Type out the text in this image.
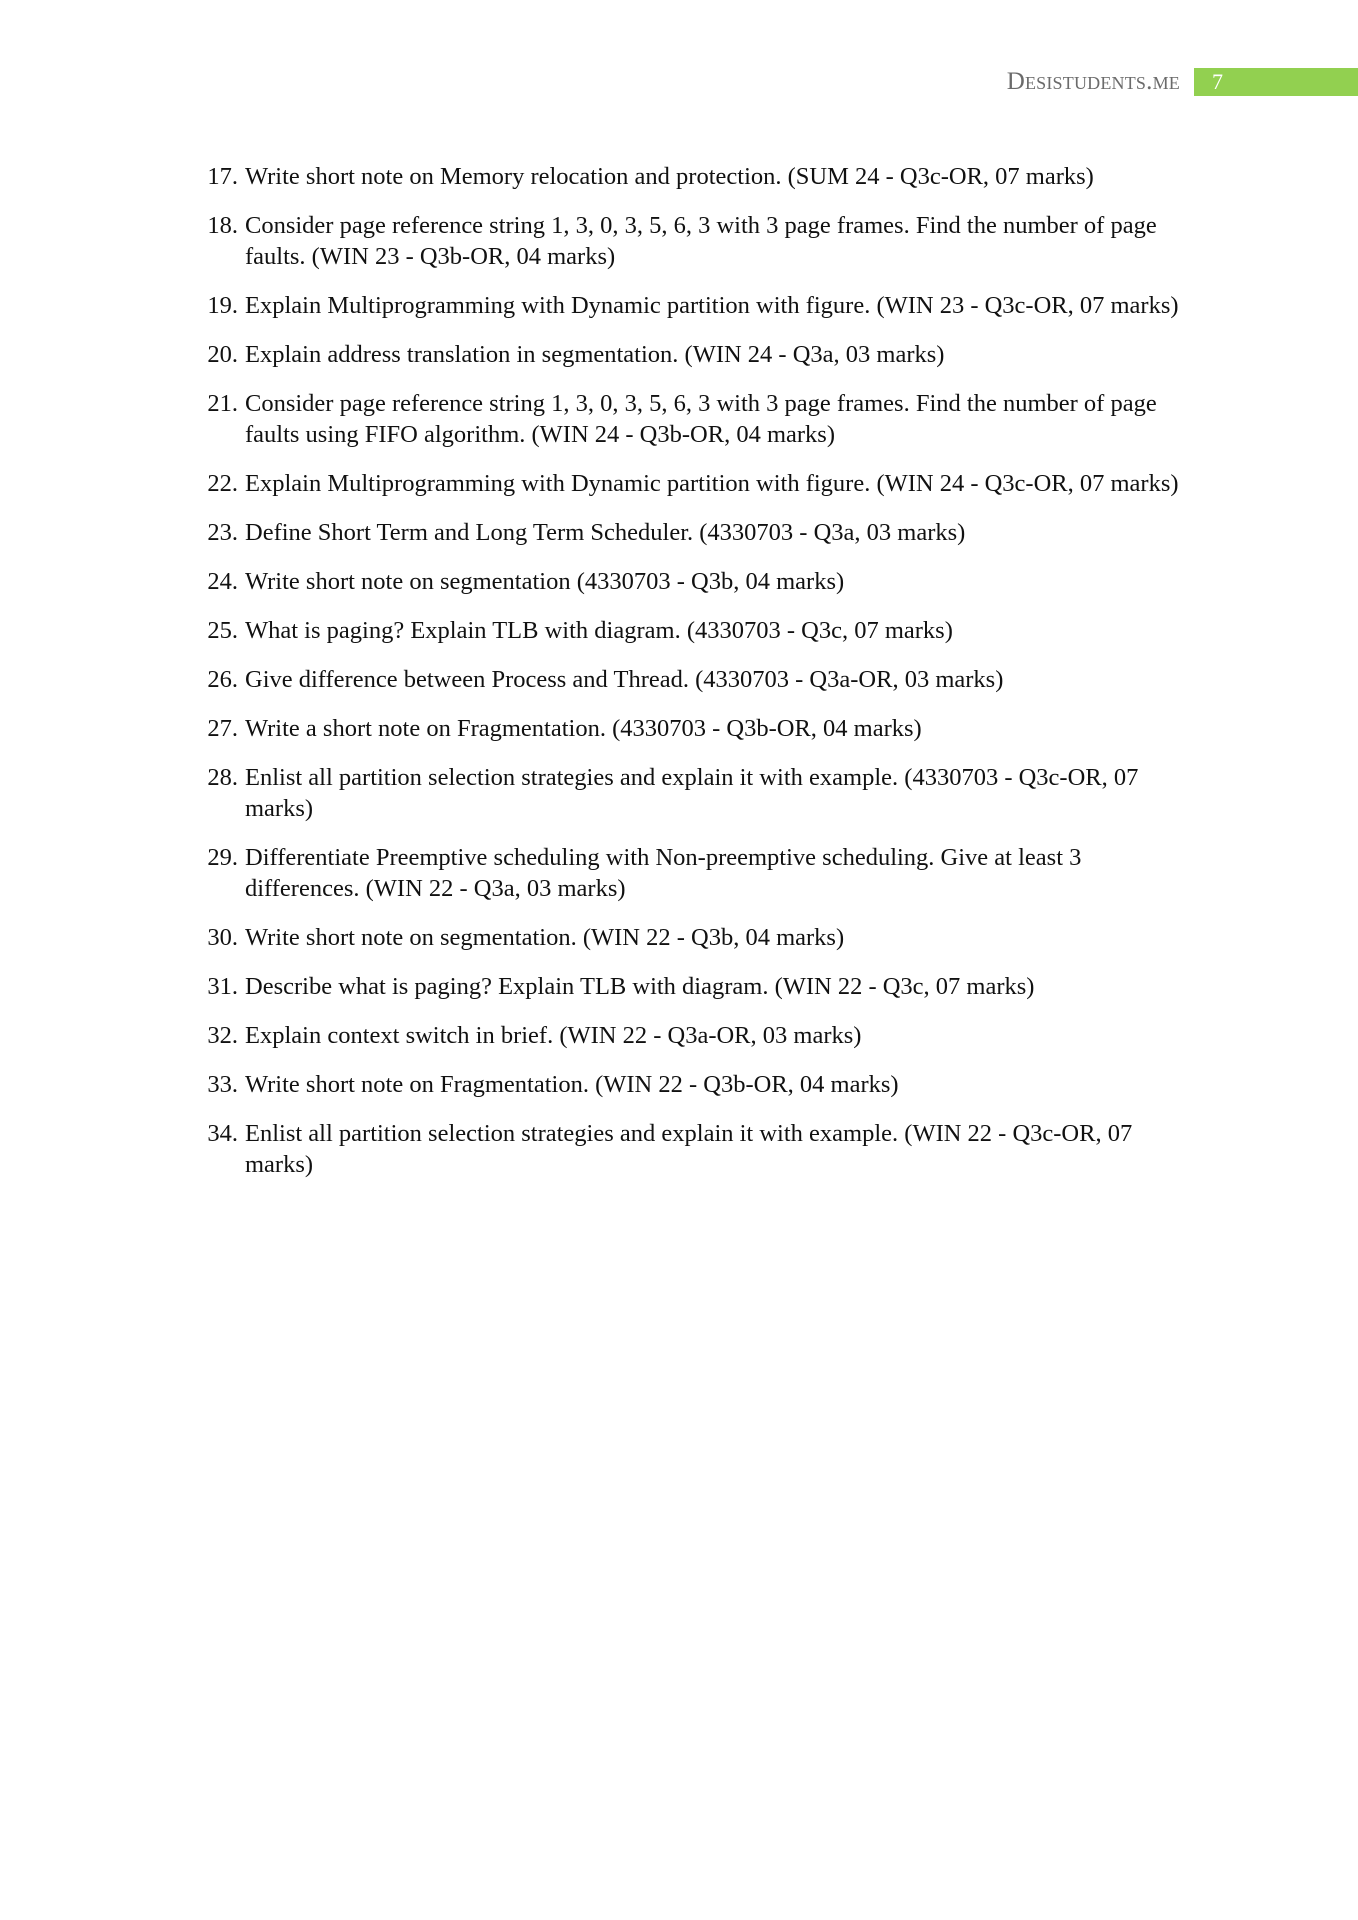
Desistudents.me	7
17. Write short note on Memory relocation and protection. (SUM 24 - Q3c-OR, 07 marks)
18. Consider page reference string 1, 3, 0, 3, 5, 6, 3 with 3 page frames. Find the number of page faults. (WIN 23 - Q3b-OR, 04 marks)
19. Explain Multiprogramming with Dynamic partition with figure. (WIN 23 - Q3c-OR, 07 marks)
20. Explain address translation in segmentation. (WIN 24 - Q3a, 03 marks)
21. Consider page reference string 1, 3, 0, 3, 5, 6, 3 with 3 page frames. Find the number of page faults using FIFO algorithm. (WIN 24 - Q3b-OR, 04 marks)
22. Explain Multiprogramming with Dynamic partition with figure. (WIN 24 - Q3c-OR, 07 marks)
23. Define Short Term and Long Term Scheduler. (4330703 - Q3a, 03 marks)
24. Write short note on segmentation (4330703 - Q3b, 04 marks)
25. What is paging? Explain TLB with diagram. (4330703 - Q3c, 07 marks)
26. Give difference between Process and Thread. (4330703 - Q3a-OR, 03 marks)
27. Write a short note on Fragmentation. (4330703 - Q3b-OR, 04 marks)
28. Enlist all partition selection strategies and explain it with example. (4330703 - Q3c-OR, 07 marks)
29. Differentiate Preemptive scheduling with Non-preemptive scheduling. Give at least 3 differences. (WIN 22 - Q3a, 03 marks)
30. Write short note on segmentation. (WIN 22 - Q3b, 04 marks)
31. Describe what is paging? Explain TLB with diagram. (WIN 22 - Q3c, 07 marks)
32. Explain context switch in brief. (WIN 22 - Q3a-OR, 03 marks)
33. Write short note on Fragmentation. (WIN 22 - Q3b-OR, 04 marks)
34. Enlist all partition selection strategies and explain it with example. (WIN 22 - Q3c-OR, 07 marks)
